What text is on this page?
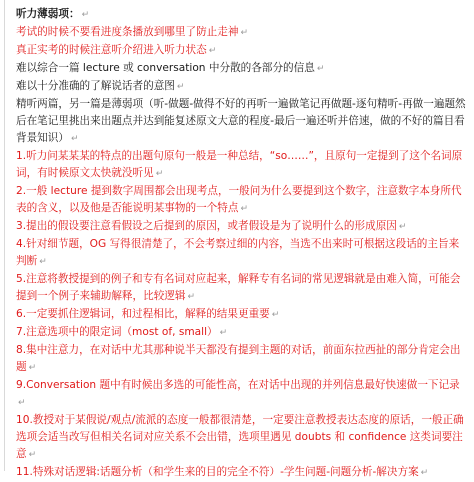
听力薄弱项： ↵
考试的时候不要看进度条播放到哪里了防止走神 ↵
真正实考的时候注意听介绍进入听力状态 ↵
难以综合一篇 lecture 或 conversation 中分散的各部分的信息 ↵
难以十分准确的了解说话者的意图 ↵
精听两篇，另一篇是薄弱项（听-做题-做得不好的再听一遍做笔记再做题-逐句精听-再做一遍题然后在笔记里挑出来出题点并达到能复述原文大意的程度-最后一遍还听并倍速，做的不好的篇目看背景知识） ↵
1.听力问某某某的特点的出题句原句一般是一种总结，“so……”，且原句一定提到了这个名词原词，有时候原文太快就没听见 ↵
2.一般 lecture 提到数字周围都会出现考点，一般问为什么要提到这个数字，注意数字本身所代表的含义，以及他是否能说明某事物的一个特点 ↵
3.提出的假设要注意看假设之后提到的原因，或者假设是为了说明什么的形成原因 ↵
4.针对细节题，OG 写得很清楚了，不会考察过细的内容，当选不出来时可根据这段话的主旨来判断 ↵
5.注意将教授提到的例子和专有名词对应起来，解释专有名词的常见逻辑就是由难入简，可能会提到一个例子来辅助解释，比较逻辑 ↵
6.一定要抓住逻辑词，和过程相比，解释的结果更重要 ↵
7.注意选项中的限定词（most of, small） ↵
8.集中注意力，在对话中尤其那种说半天都没有提到主题的对话，前面东拉西扯的部分肯定会出题 ↵
9.Conversation 题中有时候出多选的可能性高，在对话中出现的并列信息最好快速做一下记录↵
10.教授对于某假说/观点/流派的态度一般都很清楚，一定要注意教授表达态度的原话，一般正确选项会适当改写但相关名词对应关系不会出错，选项里遇见 doubts 和 confidence 这类词要注意 ↵
11.特殊对话逻辑:话题分析（和学生来的目的完全不符）-学生问题-问题分析-解决方案 ↵
